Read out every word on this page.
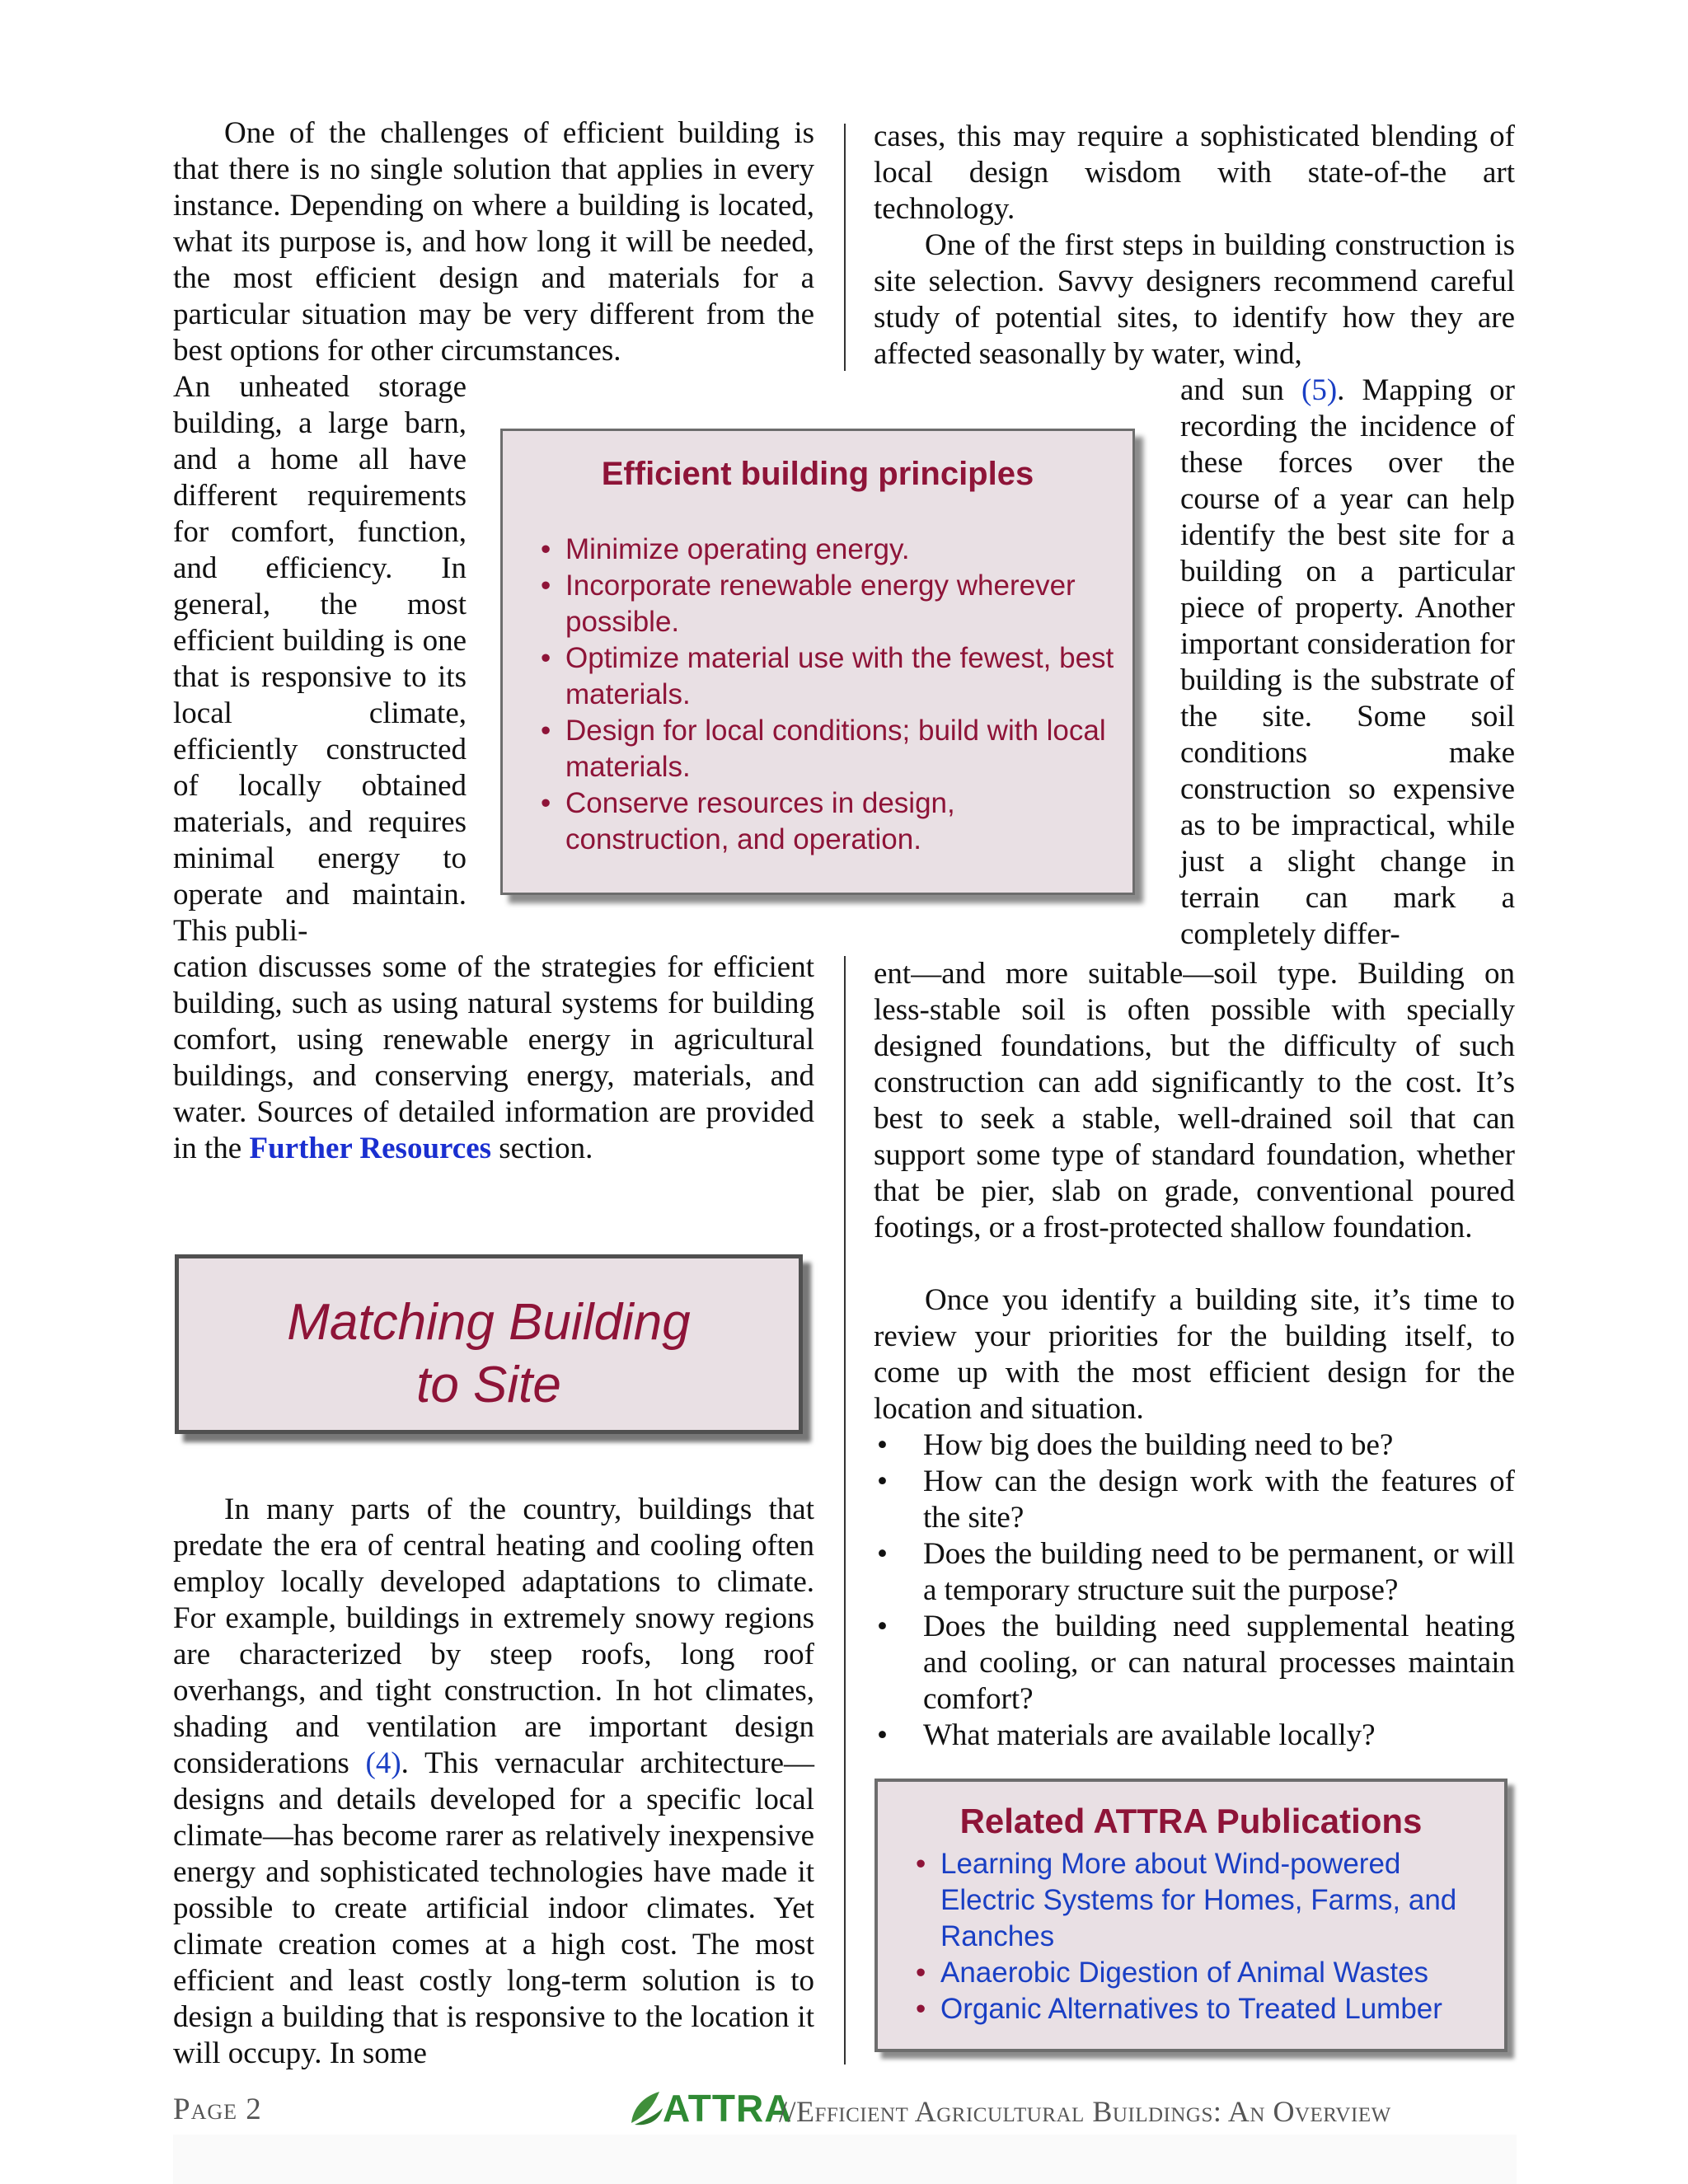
One of the challenges of efficient building is that there is no single solution that applies in every instance. Depending on where a building is located, what its purpose is, and how long it will be needed, the most efficient design and materials for a particular situation may be very different from the best options for other circumstances.

An unheated storage building, a large barn, and a home all have different requirements for comfort, function, and efficiency. In general, the most efficient building is one that is responsive to its local climate, efficiently constructed of locally obtained materials, and requires minimal energy to operate and maintain. This publi-

cation discusses some of the strategies for efficient building, such as using natural systems for building comfort, using renewable energy in agricultural buildings, and conserving energy, materials, and water. Sources of detailed information are provided in the Further Resources section.

Matching Building
to Site

In many parts of the country, buildings that predate the era of central heating and cooling often employ locally developed adaptations to climate. For example, buildings in extremely snowy regions are characterized by steep roofs, long roof overhangs, and tight construction. In hot climates, shading and ventilation are important design considerations (4). This vernacular architecture—designs and details developed for a specific local climate—has become rarer as relatively inexpensive energy and sophisticated technologies have made it possible to create artificial indoor climates. Yet climate creation comes at a high cost. The most efficient and least costly long-term solution is to design a building that is responsive to the location it will occupy. In some

Efficient building principles
• Minimize operating energy.
• Incorporate renewable energy wherever possible.
• Optimize material use with the fewest, best materials.
• Design for local conditions; build with local materials.
• Conserve resources in design, construction, and operation.

cases, this may require a sophisticated blending of local design wisdom with state-of-the art technology.

One of the first steps in building construction is site selection. Savvy designers recommend careful study of potential sites, to identify how they are affected seasonally by water, wind,

and sun (5). Mapping or recording the incidence of these forces over the course of a year can help identify the best site for a building on a particular piece of property. Another important consideration for building is the substrate of the site. Some soil conditions make construction so expensive as to be impractical, while just a slight change in terrain can mark a completely differ-

ent—and more suitable—soil type. Building on less-stable soil is often possible with specially designed foundations, but the difficulty of such construction can add significantly to the cost. It’s best to seek a stable, well-drained soil that can support some type of standard foundation, whether that be pier, slab on grade, conventional poured footings, or a frost-protected shallow foundation.

Once you identify a building site, it’s time to review your priorities for the building itself, to come up with the most efficient design for the location and situation.

• How big does the building need to be?
• How can the design work with the features of the site?
• Does the building need to be permanent, or will a temporary structure suit the purpose?
• Does the building need supplemental heating and cooling, or can natural processes maintain comfort?
• What materials are available locally?
Related ATTRA Publications
• Learning More about Wind-powered Electric Systems for Homes, Farms, and Ranches
• Anaerobic Digestion of Animal Wastes
• Organic Alternatives to Treated Lumber
Page 2	ATTRA
//Efficient Agricultural Buildings: An Overview
